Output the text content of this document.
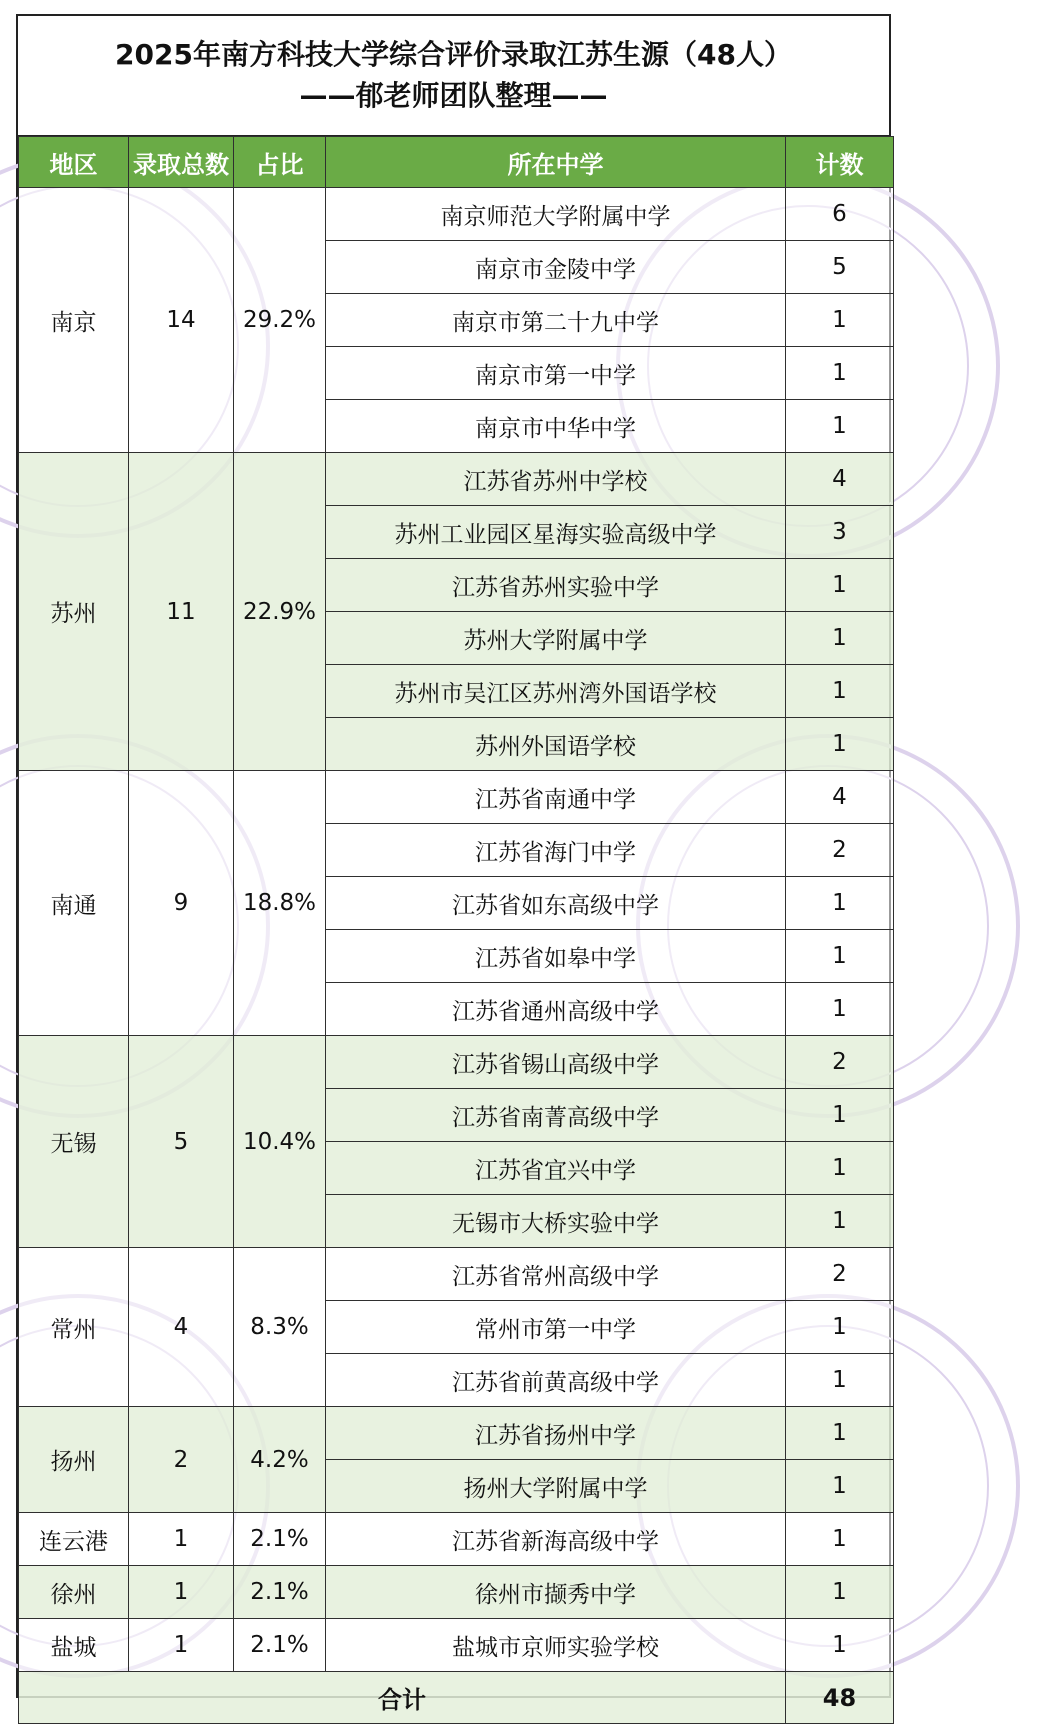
2025年南方科技大学综合评价录取江苏生源（48人）
——郁老师团队整理——
地区	录取总数	占比	所在中学	计数
南京	14	29.2%	南京师范大学附属中学	6
			南京市金陵中学	5
			南京市第二十九中学	1
			南京市第一中学	1
			南京市中华中学	1
苏州	11	22.9%	江苏省苏州中学校	4
			苏州工业园区星海实验高级中学	3
			江苏省苏州实验中学	1
			苏州大学附属中学	1
			苏州市吴江区苏州湾外国语学校	1
			苏州外国语学校	1
南通	9	18.8%	江苏省南通中学	4
			江苏省海门中学	2
			江苏省如东高级中学	1
			江苏省如皋中学	1
			江苏省通州高级中学	1
无锡	5	10.4%	江苏省锡山高级中学	2
			江苏省南菁高级中学	1
			江苏省宜兴中学	1
			无锡市大桥实验中学	1
常州	4	8.3%	江苏省常州高级中学	2
			常州市第一中学	1
			江苏省前黄高级中学	1
扬州	2	4.2%	江苏省扬州中学	1
			扬州大学附属中学	1
连云港	1	2.1%	江苏省新海高级中学	1
徐州	1	2.1%	徐州市撷秀中学	1
盐城	1	2.1%	盐城市京师实验学校	1
合计				48
